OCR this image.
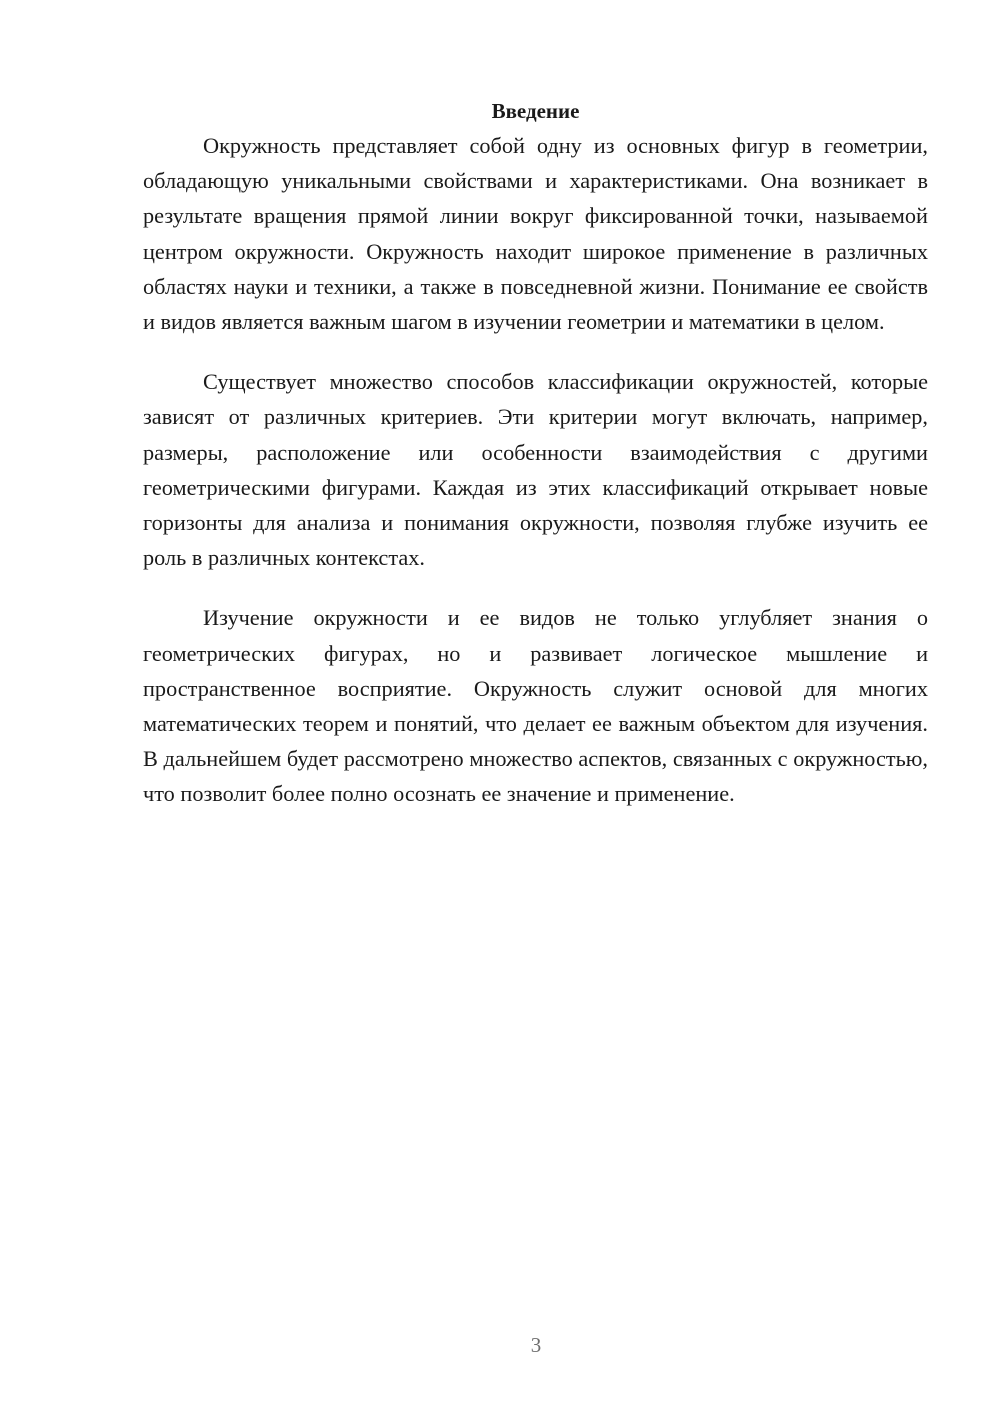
Введение

Окружность представляет собой одну из основных фигур в геометрии, обладающую уникальными свойствами и характеристиками. Она возникает в результате вращения прямой линии вокруг фиксированной точки, называемой центром окружности. Окружность находит широкое применение в различных областях науки и техники, а также в повседневной жизни. Понимание ее свойств и видов является важным шагом в изучении геометрии и математики в целом.

Существует множество способов классификации окружностей, которые зависят от различных критериев. Эти критерии могут включать, например, размеры, расположение или особенности взаимодействия с другими геометрическими фигурами. Каждая из этих классификаций открывает новые горизонты для анализа и понимания окружности, позволяя глубже изучить ее роль в различных контекстах.

Изучение окружности и ее видов не только углубляет знания о геометрических фигурах, но и развивает логическое мышление и пространственное восприятие. Окружность служит основой для многих математических теорем и понятий, что делает ее важным объектом для изучения. В дальнейшем будет рассмотрено множество аспектов, связанных с окружностью, что позволит более полно осознать ее значение и применение.

3
